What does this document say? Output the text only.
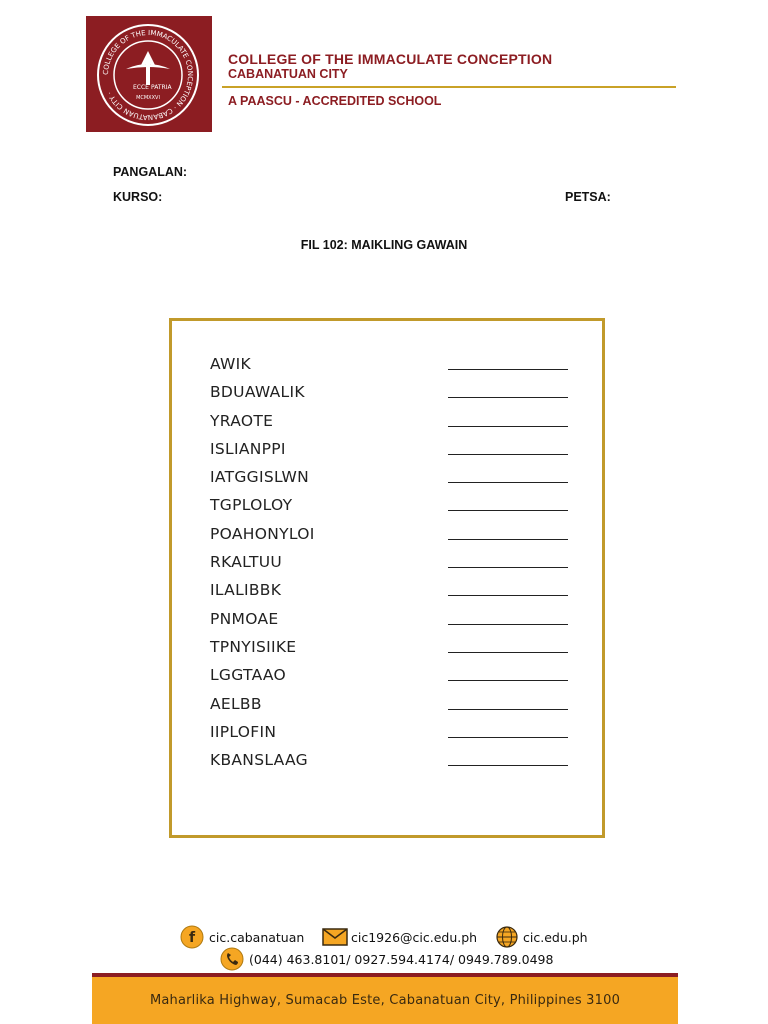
COLLEGE OF THE IMMACULATE CONCEPTION · CABANATUAN CITY ·
ECCE PATRIA
MCMXXVI
COLLEGE OF THE IMMACULATE CONCEPTION
CABANATUAN CITY
A PAASCU - ACCREDITED SCHOOL
PANGALAN:
KURSO:	PETSA:
FIL 102: MAIKLING GAWAIN
AWIK
BDUAWALIK
YRAOTE
ISLIANPPI
IATGGISLWN
TGPLOLOY
POAHONYLOI
RKALTUU
ILALIBBK
PNMOAE
TPNYISIIKE
LGGTAAO
AELBB
IIPLOFIN
KBANSLAAG
f cic.cabanatuan	cic1926@cic.edu.ph	cic.edu.ph
(044) 463.8101/ 0927.594.4174/ 0949.789.0498
Maharlika Highway, Sumacab Este, Cabanatuan City, Philippines 3100
